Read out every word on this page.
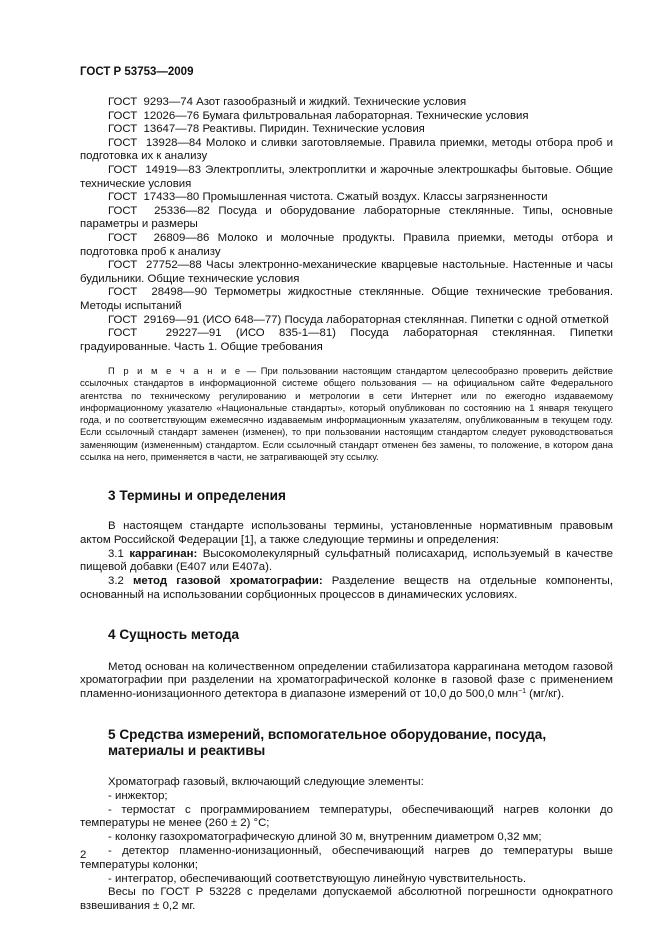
ГОСТ Р 53753—2009

ГОСТ  9293—74 Азот газообразный и жидкий. Технические условия

ГОСТ  12026—76 Бумага фильтровальная лабораторная. Технические условия

ГОСТ  13647—78 Реактивы. Пиридин. Технические условия

ГОСТ  13928—84 Молоко и сливки заготовляемые. Правила приемки, методы отбора проб и подготовка их к анализу

ГОСТ  14919—83 Электроплиты, электроплитки и жарочные электрошкафы бытовые. Общие технические условия

ГОСТ  17433—80 Промышленная чистота. Сжатый воздух. Классы загрязненности

ГОСТ  25336—82 Посуда и оборудование лабораторные стеклянные. Типы, основные параметры и размеры

ГОСТ  26809—86 Молоко и молочные продукты. Правила приемки, методы отбора и подготовка проб к анализу

ГОСТ  27752—88 Часы электронно-механические кварцевые настольные. Настенные и часы будильники. Общие технические условия

ГОСТ  28498—90 Термометры жидкостные стеклянные. Общие технические требования. Методы испытаний

ГОСТ  29169—91 (ИСО 648—77) Посуда лабораторная стеклянная. Пипетки с одной отметкой

ГОСТ  29227—91 (ИСО 835-1—81) Посуда лабораторная стеклянная. Пипетки градуированные. Часть 1. Общие требования

П р и м е ч а н и е — При пользовании настоящим стандартом целесообразно проверить действие ссылочных стандартов в информационной системе общего пользования — на официальном сайте Федерального агентства по техническому регулированию и метрологии в сети Интернет или по ежегодно издаваемому информационному указателю «Национальные стандарты», который опубликован по состоянию на 1 января текущего года, и по соответствующим ежемесячно издаваемым информационным указателям, опубликованным в текущем году. Если ссылочный стандарт заменен (изменен), то при пользовании настоящим стандартом следует руководствоваться заменяющим (измененным) стандартом. Если ссылочный стандарт отменен без замены, то положение, в котором дана ссылка на него, применяется в части, не затрагивающей эту ссылку.

3 Термины и определения

В настоящем стандарте использованы термины, установленные нормативным правовым актом Российской Федерации [1], а также следующие термины и определения:

3.1 каррагинан: Высокомолекулярный сульфатный полисахарид, используемый в качестве пищевой добавки (Е407 или Е407а).

3.2 метод газовой хроматографии: Разделение веществ на отдельные компоненты, основанный на использовании сорбционных процессов в динамических условиях.

4 Сущность метода

Метод основан на количественном определении стабилизатора каррагинана методом газовой хроматографии при разделении на хроматографической колонке в газовой фазе с применением пламенно-ионизационного детектора в диапазоне измерений от 10,0 до 500,0 млн$^{-1}$ (мг/кг).

5 Средства измерений, вспомогательное оборудование, посуда, материалы и реактивы

Хроматограф газовый, включающий следующие элементы:

- инжектор;

- термостат с программированием температуры, обеспечивающий нагрев колонки до температуры не менее (260 ± 2) °С;

- колонку газохроматографическую длиной 30 м, внутренним диаметром 0,32 мм;

- детектор пламенно-ионизационный, обеспечивающий нагрев до температуры выше температуры колонки;

- интегратор, обеспечивающий соответствующую линейную чувствительность.

Весы по ГОСТ Р 53228 с пределами допускаемой абсолютной погрешности однократного взвешивания ± 0,2 мг.

2
